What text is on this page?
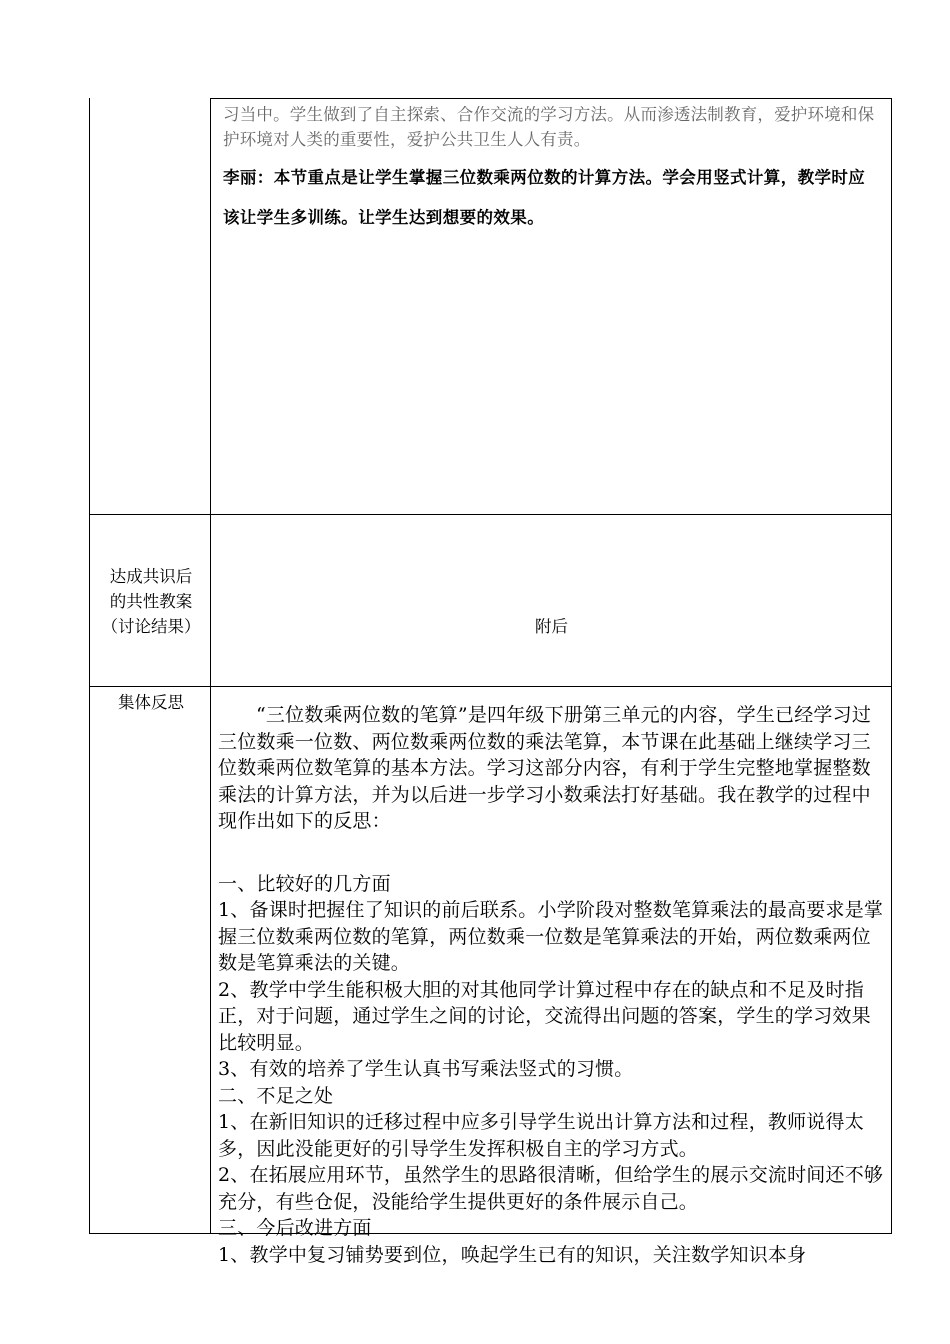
习当中。学生做到了自主探索、合作交流的学习方法。从而渗透法制教育，爱护环境和保护环境对人类的重要性，爱护公共卫生人人有责。

李丽：本节重点是让学生掌握三位数乘两位数的计算方法。学会用竖式计算，教学时应该让学生多训练。让学生达到想要的效果。

达成共识后
的共性教案
（讨论结果）	附后
集体反思

“三位数乘两位数的笔算”是四年级下册第三单元的内容，学生已经学习过三位数乘一位数、两位数乘两位数的乘法笔算，本节课在此基础上继续学习三位数乘两位数笔算的基本方法。学习这部分内容，有利于学生完整地掌握整数乘法的计算方法，并为以后进一步学习小数乘法打好基础。我在教学的过程中现作出如下的反思：

一、比较好的几方面

1、备课时把握住了知识的前后联系。小学阶段对整数笔算乘法的最高要求是掌握三位数乘两位数的笔算，两位数乘一位数是笔算乘法的开始，两位数乘两位数是笔算乘法的关键。

2、教学中学生能积极大胆的对其他同学计算过程中存在的缺点和不足及时指正，对于问题，通过学生之间的讨论，交流得出问题的答案，学生的学习效果比较明显。

3、有效的培养了学生认真书写乘法竖式的习惯。

二、不足之处

1、在新旧知识的迁移过程中应多引导学生说出计算方法和过程，教师说得太多，因此没能更好的引导学生发挥积极自主的学习方式。

2、在拓展应用环节，虽然学生的思路很清晰，但给学生的展示交流时间还不够充分，有些仓促，没能给学生提供更好的条件展示自己。

三、今后改进方面

1、教学中复习铺势要到位，唤起学生已有的知识，关注数学知识本身
